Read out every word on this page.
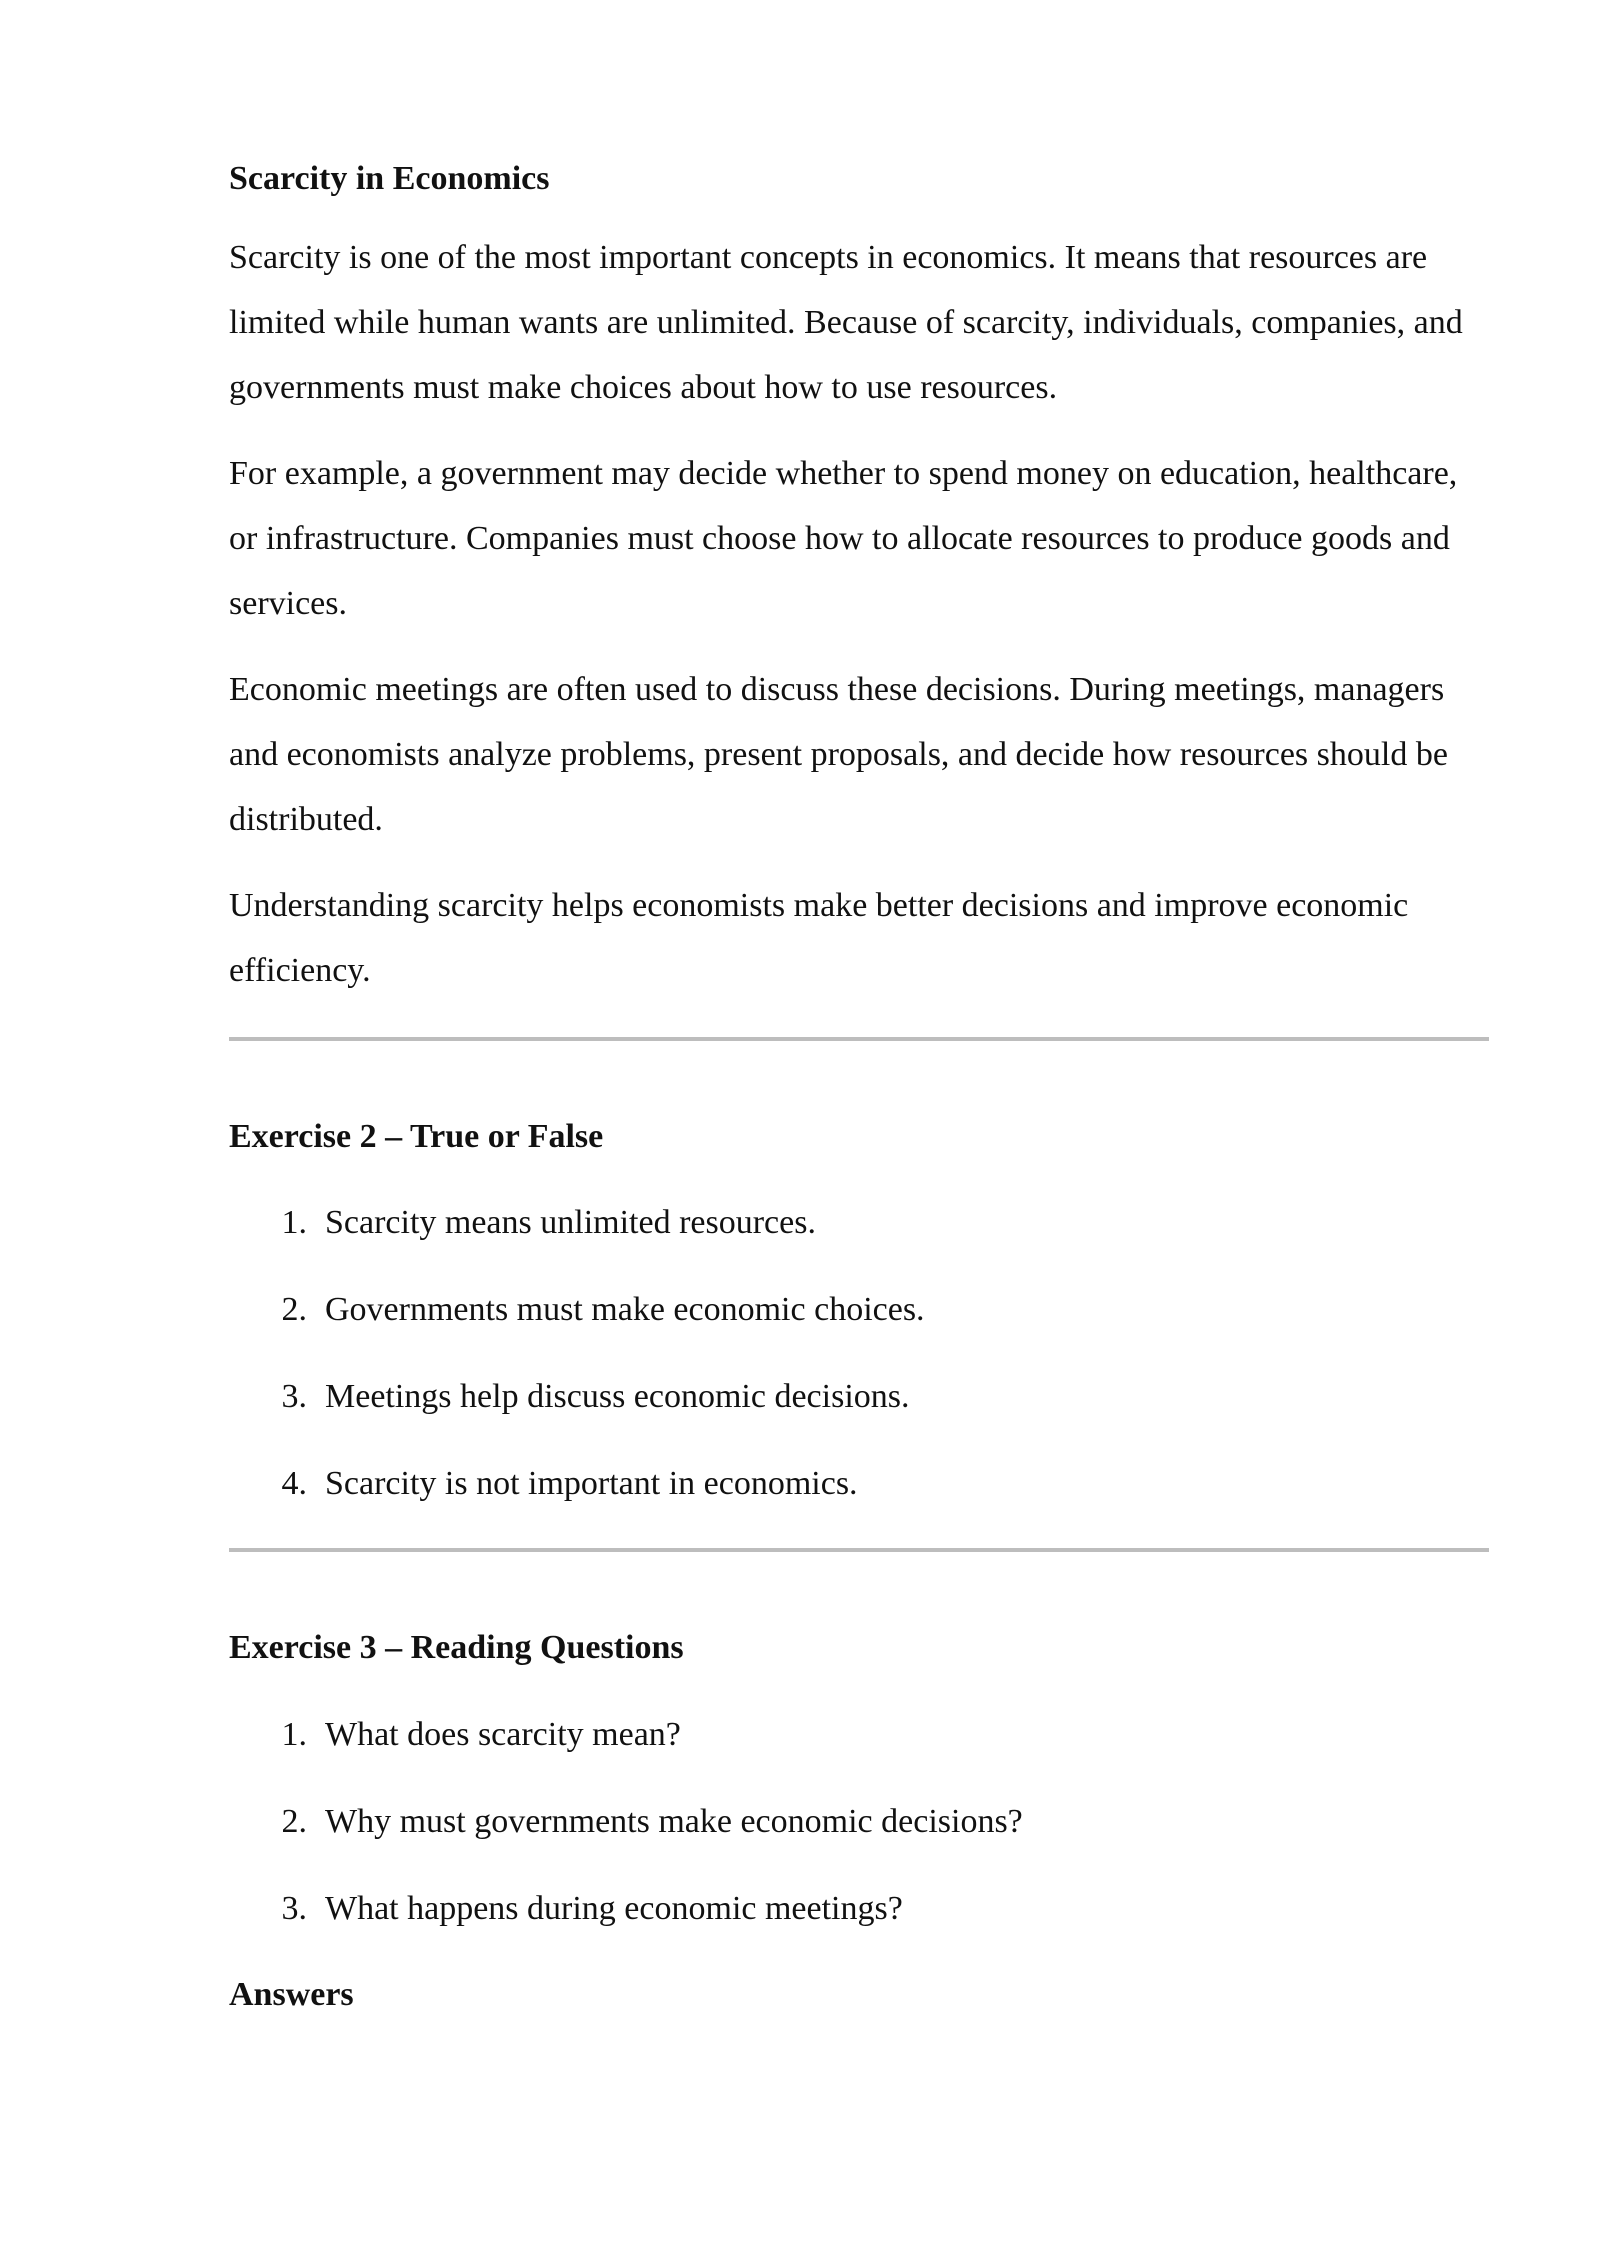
Scarcity in Economics

Scarcity is one of the most important concepts in economics. It means that resources are limited while human wants are unlimited. Because of scarcity, individuals, companies, and governments must make choices about how to use resources.

For example, a government may decide whether to spend money on education, healthcare, or infrastructure. Companies must choose how to allocate resources to produce goods and services.

Economic meetings are often used to discuss these decisions. During meetings, managers and economists analyze problems, present proposals, and decide how resources should be distributed.

Understanding scarcity helps economists make better decisions and improve economic efficiency.

Exercise 2 – True or False
1. Scarcity means unlimited resources.
2. Governments must make economic choices.
3. Meetings help discuss economic decisions.
4. Scarcity is not important in economics.
Exercise 3 – Reading Questions
1. What does scarcity mean?
2. Why must governments make economic decisions?
3. What happens during economic meetings?
Answers
